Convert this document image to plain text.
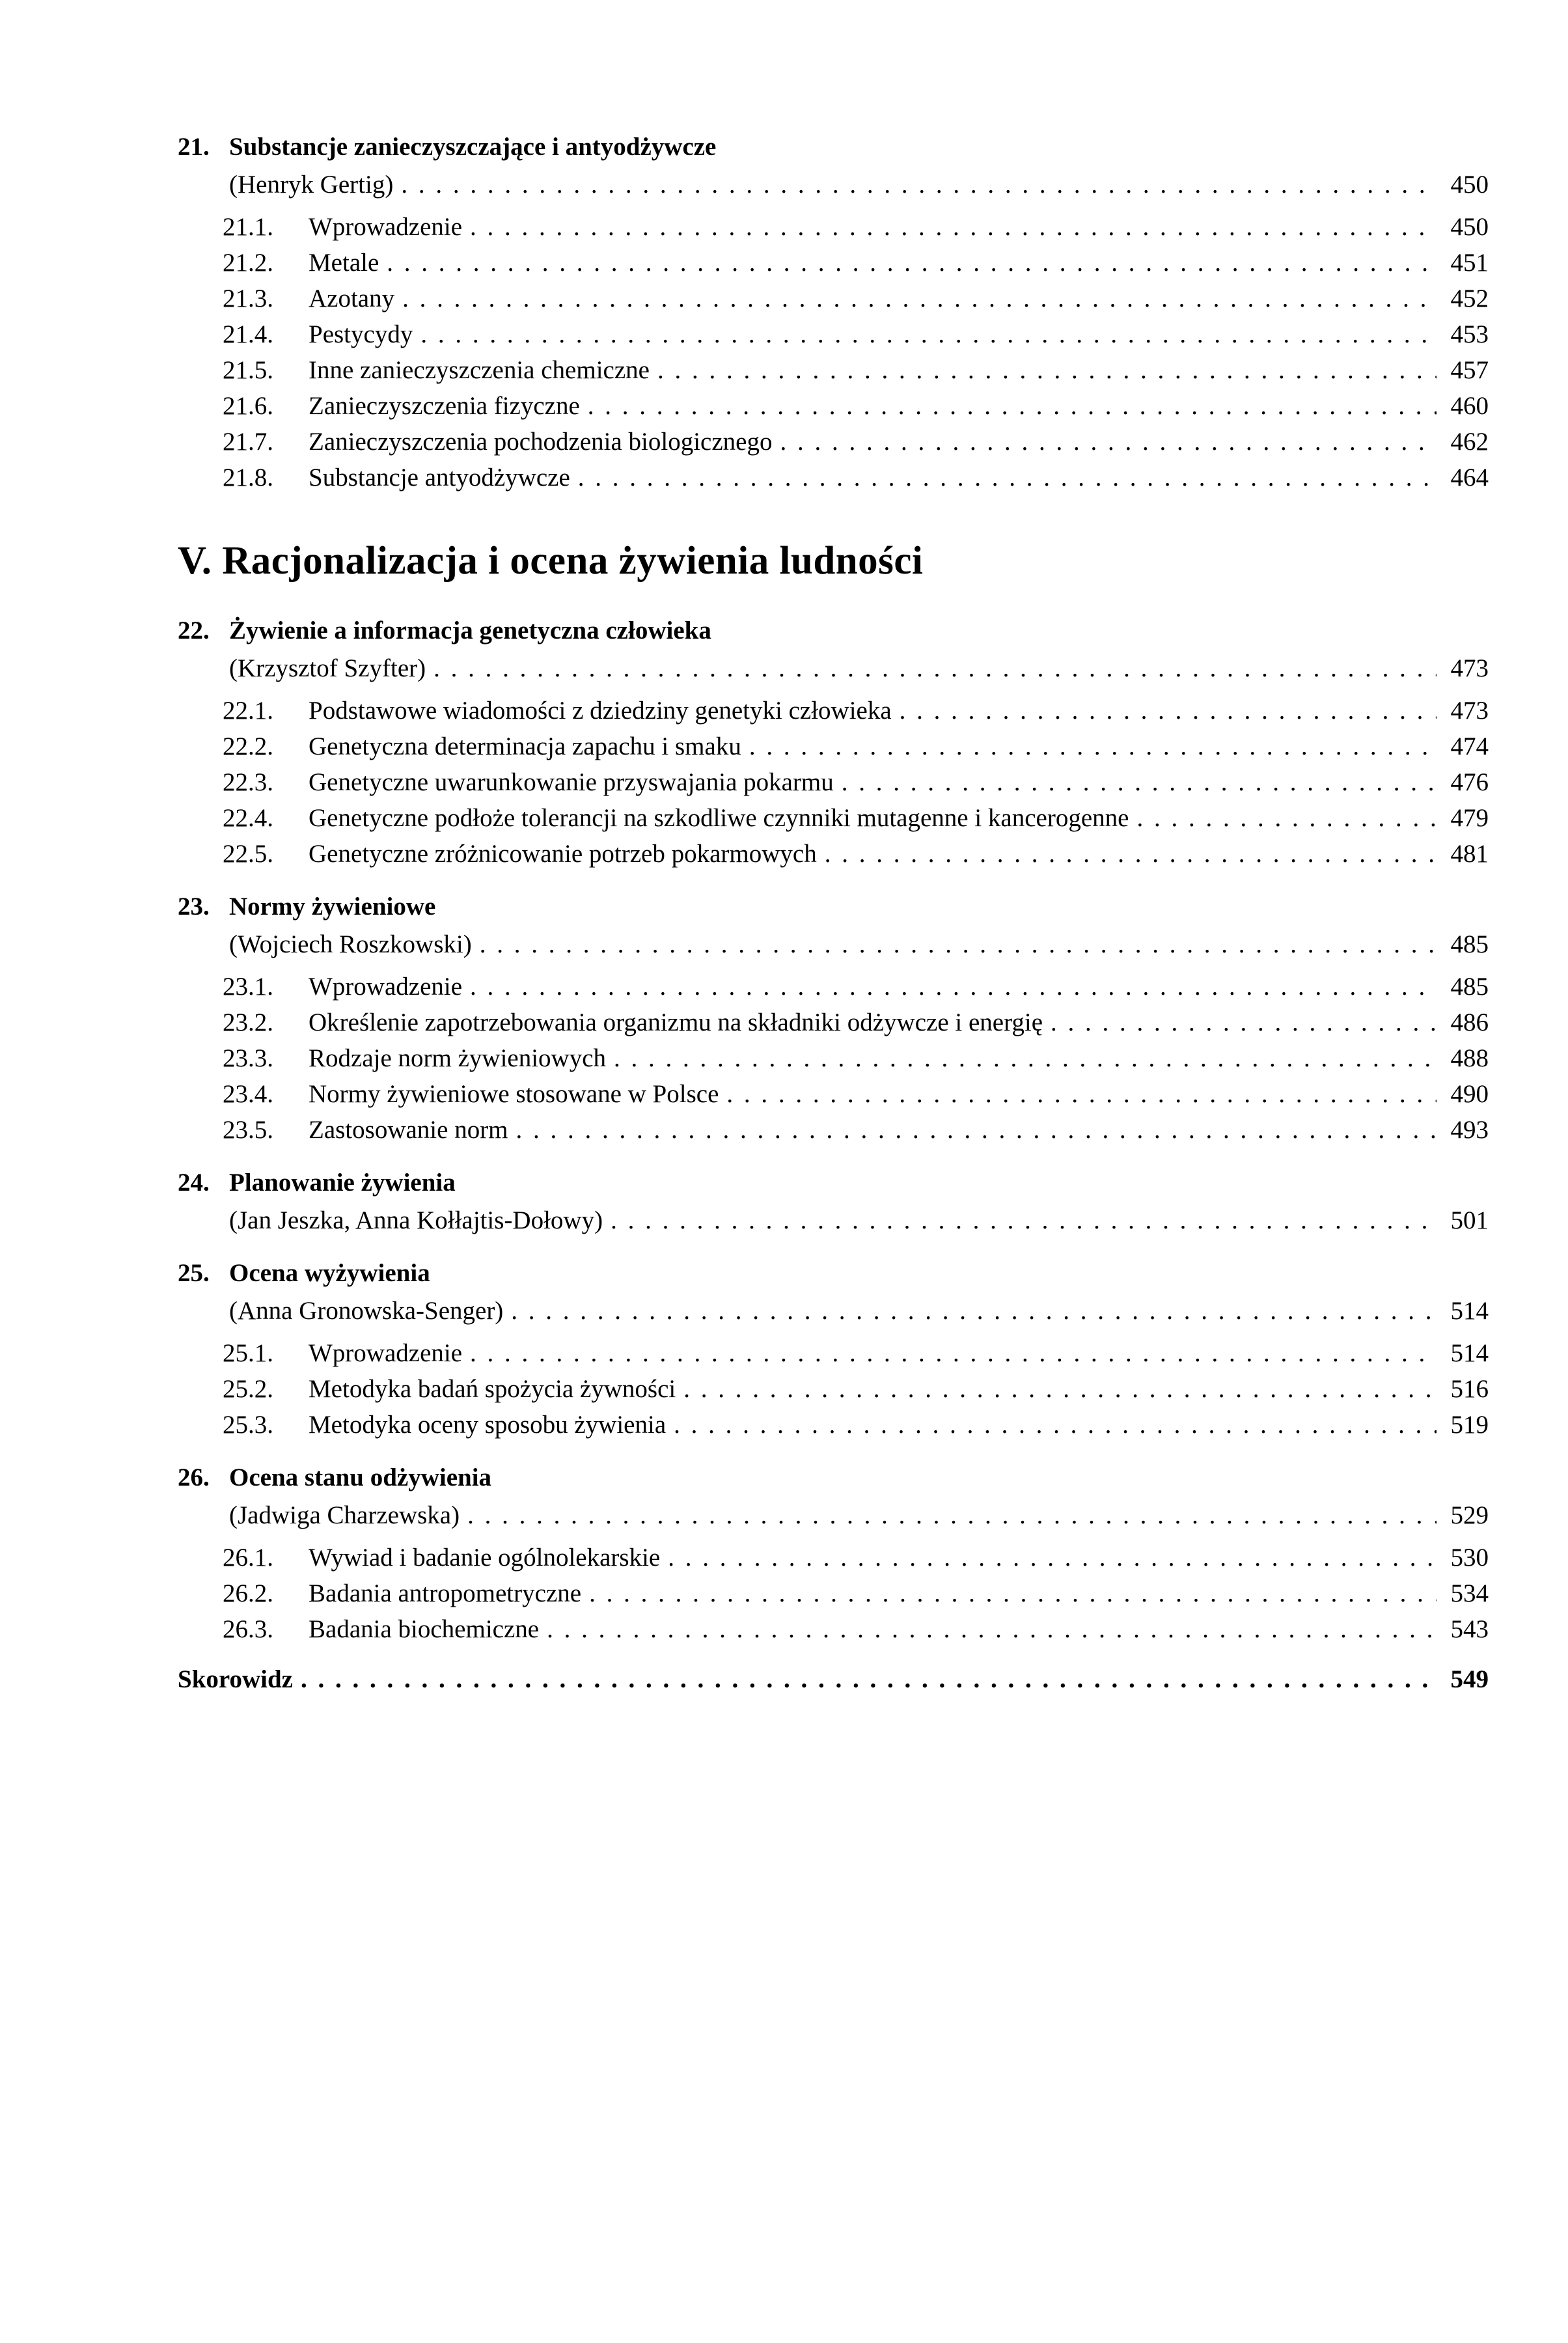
21. Substancje zanieczyszczające i antyodżywcze
(Henryk Gertig) . . .	450
21.1.	Wprowadzenie . . .	450
21.2.	Metale . . .	451
21.3.	Azotany . . .	452
21.4.	Pestycydy . . .	453
21.5.	Inne zanieczyszczenia chemiczne . . .	457
21.6.	Zanieczyszczenia fizyczne . . .	460
21.7.	Zanieczyszczenia pochodzenia biologicznego . . .	462
21.8.	Substancje antyodżywcze . . .	464
V. Racjonalizacja i ocena żywienia ludności
22. Żywienie a informacja genetyczna człowieka
(Krzysztof Szyfter) . . .	473
22.1.	Podstawowe wiadomości z dziedziny genetyki człowieka . . .	473
22.2.	Genetyczna determinacja zapachu i smaku . . .	474
22.3.	Genetyczne uwarunkowanie przyswajania pokarmu . . .	476
22.4.	Genetyczne podłoże tolerancji na szkodliwe czynniki mutagenne i kancerogenne . . .	479
22.5.	Genetyczne zróżnicowanie potrzeb pokarmowych . . .	481
23. Normy żywieniowe
(Wojciech Roszkowski) . . .	485
23.1.	Wprowadzenie . . .	485
23.2.	Określenie zapotrzebowania organizmu na składniki odżywcze i energię . . .	486
23.3.	Rodzaje norm żywieniowych . . .	488
23.4.	Normy żywieniowe stosowane w Polsce . . .	490
23.5.	Zastosowanie norm . . .	493
24. Planowanie żywienia
(Jan Jeszka, Anna Kołłajtis-Dołowy) . . .	501
25. Ocena wyżywienia
(Anna Gronowska-Senger) . . .	514
25.1.	Wprowadzenie . . .	514
25.2.	Metodyka badań spożycia żywności . . .	516
25.3.	Metodyka oceny sposobu żywienia . . .	519
26. Ocena stanu odżywienia
(Jadwiga Charzewska) . . .	529
26.1.	Wywiad i badanie ogólnolekarskie . . .	530
26.2.	Badania antropometryczne . . .	534
26.3.	Badania biochemiczne . . .	543
Skorowidz . . .	549
